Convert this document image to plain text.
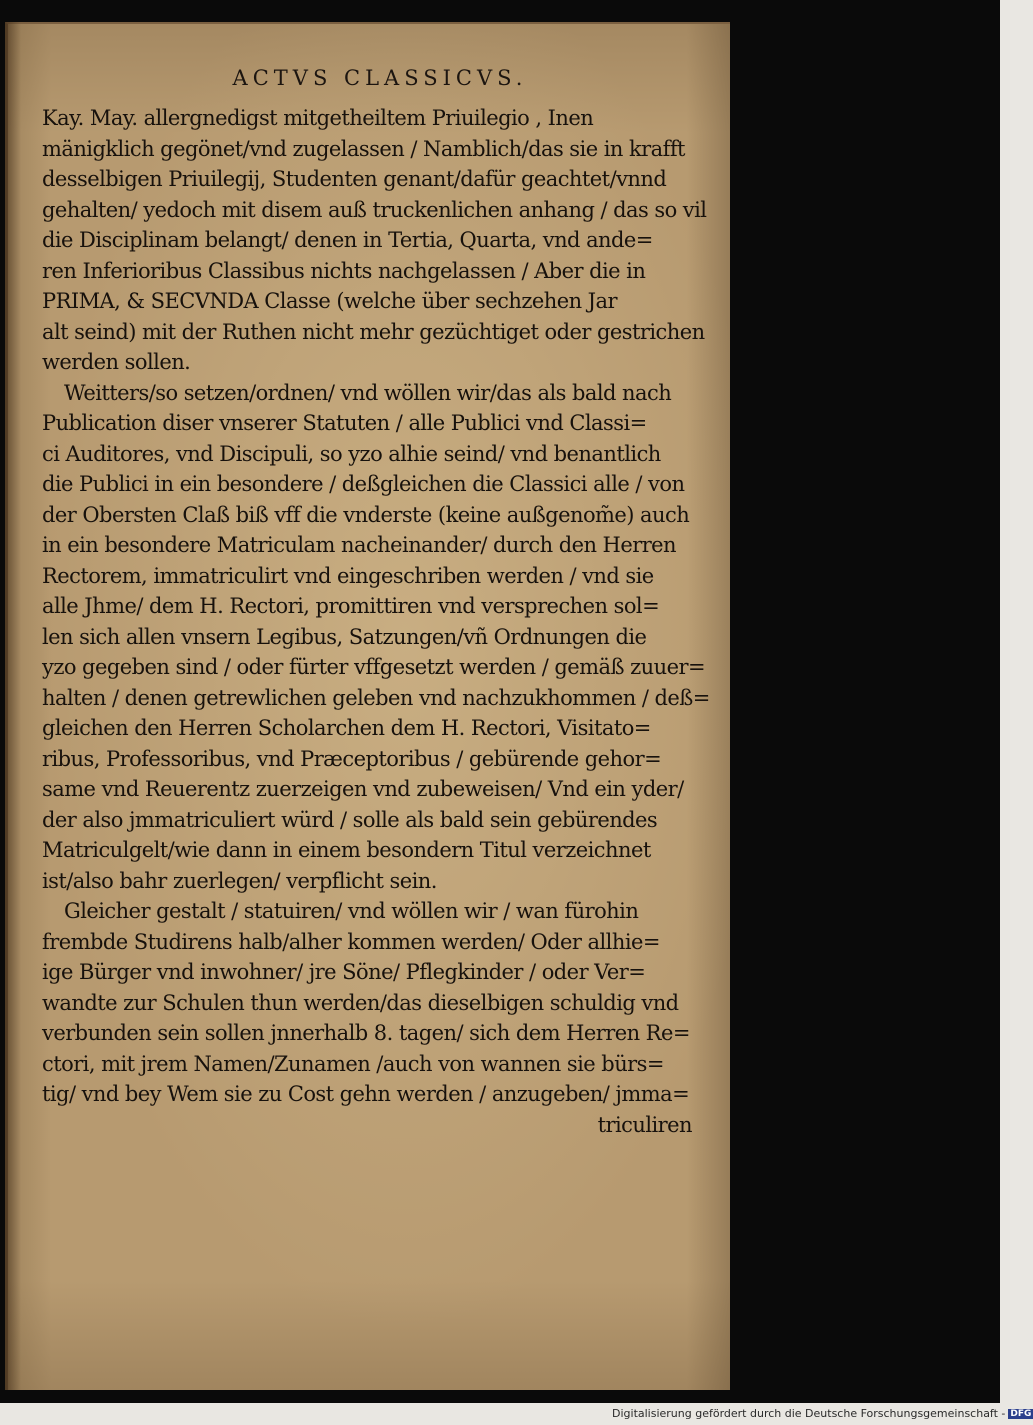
ACTVS CLASSICVS.
Kay. May. allergnedigst mitgetheiltem Priuilegio , Inen
mänigklich gegönet/vnd zugelassen / Namblich/das sie in krafft
desselbigen Priuilegij, Studenten genant/dafür geachtet/vnnd
gehalten/ yedoch mit disem auß truckenlichen anhang / das so vil
die Disciplinam belangt/ denen in Tertia, Quarta, vnd ande=
ren Inferioribus Classibus nichts nachgelassen / Aber die in
PRIMA, & SECVNDA Classe (welche über sechzehen Jar
alt seind) mit der Ruthen nicht mehr gezüchtiget oder gestrichen
werden sollen.
Weitters/so setzen/ordnen/ vnd wöllen wir/das als bald nach
Publication diser vnserer Statuten / alle Publici vnd Classi=
ci Auditores, vnd Discipuli, so yzo alhie seind/ vnd benantlich
die Publici in ein besondere / deßgleichen die Classici alle / von
der Obersten Claß biß vff die vnderste (keine außgenom̃e) auch
in ein besondere Matriculam nacheinander/ durch den Herren
Rectorem, immatriculirt vnd eingeschriben werden / vnd sie
alle Jhme/ dem H. Rectori, promittiren vnd versprechen sol=
len sich allen vnsern Legibus, Satzungen/vñ Ordnungen die
yzo gegeben sind / oder fürter vffgesetzt werden / gemäß zuuer=
halten / denen getrewlichen geleben vnd nachzukhommen / deß=
gleichen den Herren Scholarchen dem H. Rectori, Visitato=
ribus, Professoribus, vnd Præceptoribus / gebürende gehor=
same vnd Reuerentz zuerzeigen vnd zubeweisen/ Vnd ein yder/
der also jmmatriculiert würd / solle als bald sein gebürendes
Matriculgelt/wie dann in einem besondern Titul verzeichnet
ist/also bahr zuerlegen/ verpflicht sein.
Gleicher gestalt / statuiren/ vnd wöllen wir / wan fürohin
frembde Studirens halb/alher kommen werden/ Oder allhie=
ige Bürger vnd inwohner/ jre Söne/ Pflegkinder / oder Ver=
wandte zur Schulen thun werden/das dieselbigen schuldig vnd
verbunden sein sollen jnnerhalb 8. tagen/ sich dem Herren Re=
ctori, mit jrem Namen/Zunamen /auch von wannen sie bürs=
tig/ vnd bey Wem sie zu Cost gehn werden / anzugeben/ jmma=
triculiren
Digitalisierung gefördert durch die Deutsche Forschungsgemeinschaft - DFG
